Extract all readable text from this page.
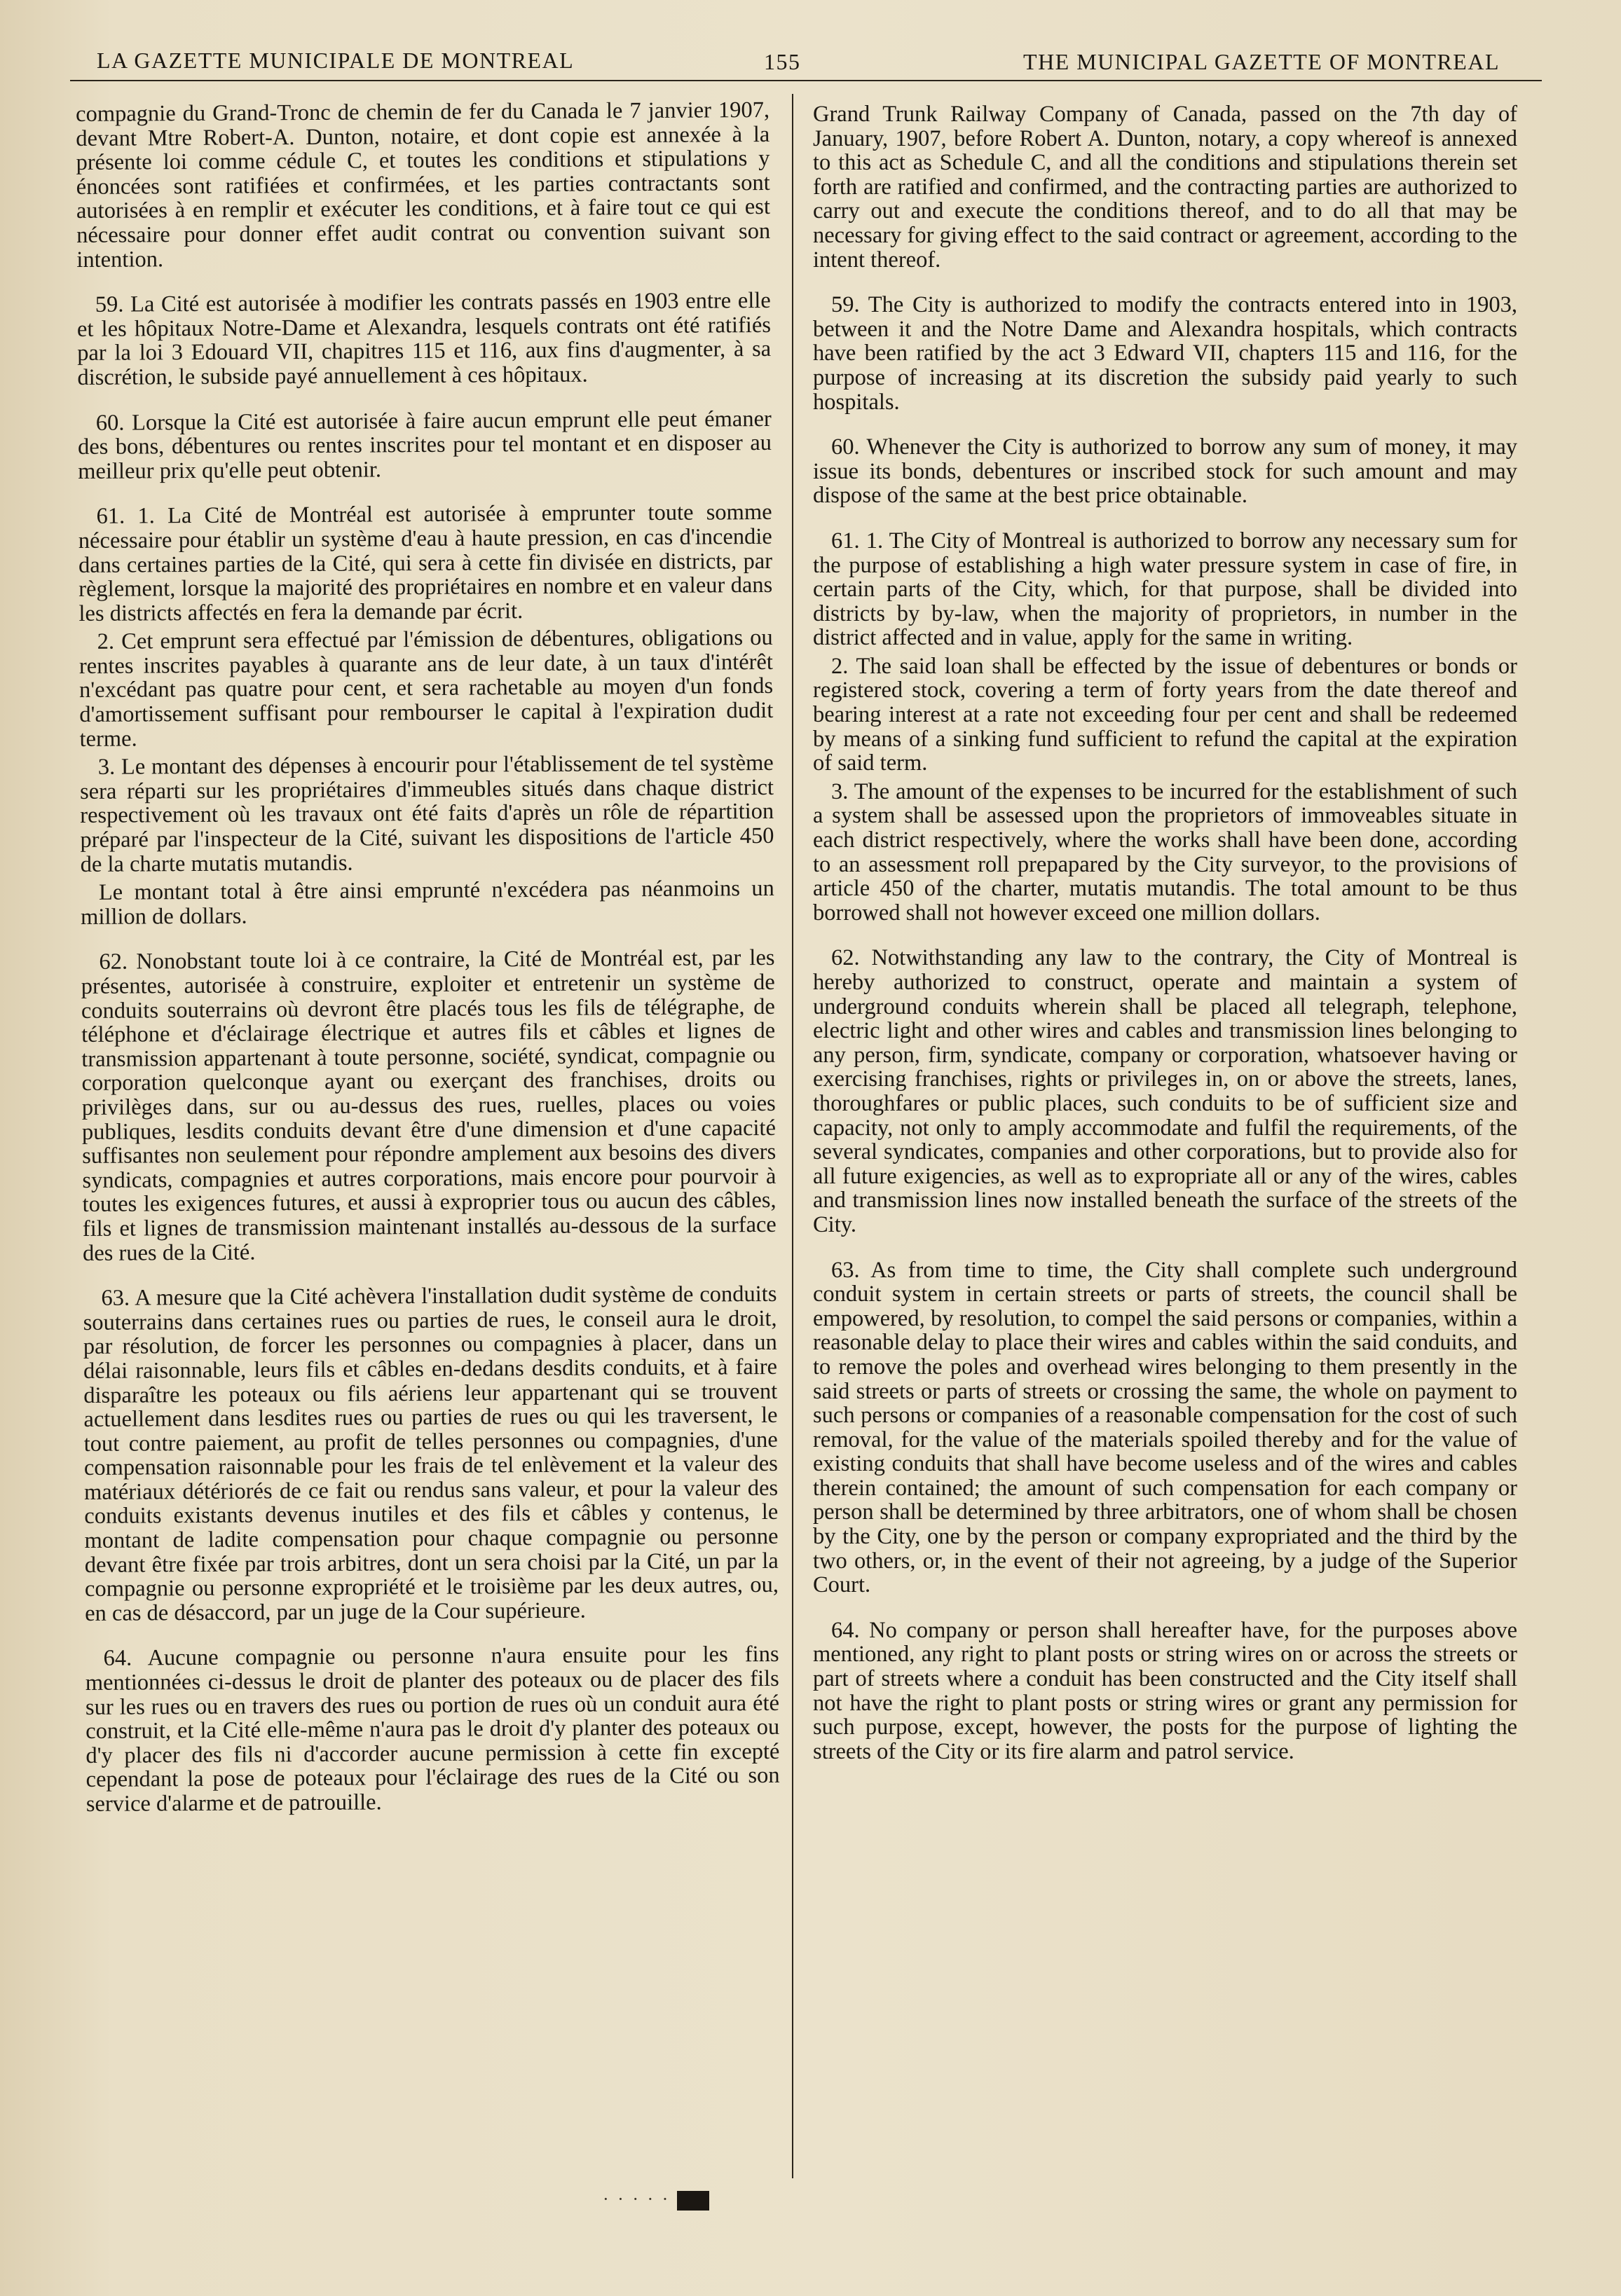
LA GAZETTE MUNICIPALE DE MONTREAL	155	THE MUNICIPAL GAZETTE OF MONTREAL

compagnie du Grand-Tronc de chemin de fer du Canada le 7 janvier 1907, devant Mtre Robert-A. Dunton, notaire, et dont copie est annexée à la présente loi comme cédule C, et toutes les conditions et stipulations y énoncées sont ratifiées et confirmées, et les parties contractants sont autorisées à en remplir et exécuter les conditions, et à faire tout ce qui est nécessaire pour donner effet audit contrat ou convention suivant son intention.

59. La Cité est autorisée à modifier les contrats passés en 1903 entre elle et les hôpitaux Notre-Dame et Alexandra, lesquels contrats ont été ratifiés par la loi 3 Edouard VII, chapitres 115 et 116, aux fins d'augmenter, à sa discrétion, le subside payé annuellement à ces hôpitaux.

60. Lorsque la Cité est autorisée à faire aucun emprunt elle peut émaner des bons, débentures ou rentes inscrites pour tel montant et en disposer au meilleur prix qu'elle peut obtenir.

61. 1. La Cité de Montréal est autorisée à emprunter toute somme nécessaire pour établir un système d'eau à haute pression, en cas d'incendie dans certaines parties de la Cité, qui sera à cette fin divisée en districts, par règlement, lorsque la majorité des propriétaires en nombre et en valeur dans les districts affectés en fera la demande par écrit.

2. Cet emprunt sera effectué par l'émission de débentures, obligations ou rentes inscrites payables à quarante ans de leur date, à un taux d'intérêt n'excédant pas quatre pour cent, et sera rachetable au moyen d'un fonds d'amortissement suffisant pour rembourser le capital à l'expiration dudit terme.

3. Le montant des dépenses à encourir pour l'établissement de tel système sera réparti sur les propriétaires d'immeubles situés dans chaque district respectivement où les travaux ont été faits d'après un rôle de répartition préparé par l'inspecteur de la Cité, suivant les dispositions de l'article 450 de la charte mutatis mutandis.

Le montant total à être ainsi emprunté n'excédera pas néanmoins un million de dollars.

62. Nonobstant toute loi à ce contraire, la Cité de Montréal est, par les présentes, autorisée à construire, exploiter et entretenir un système de conduits souterrains où devront être placés tous les fils de télégraphe, de téléphone et d'éclairage électrique et autres fils et câbles et lignes de transmission appartenant à toute personne, société, syndicat, compagnie ou corporation quelconque ayant ou exerçant des franchises, droits ou privilèges dans, sur ou au-dessus des rues, ruelles, places ou voies publiques, lesdits conduits devant être d'une dimension et d'une capacité suffisantes non seulement pour répondre amplement aux besoins des divers syndicats, compagnies et autres corporations, mais encore pour pourvoir à toutes les exigences futures, et aussi à exproprier tous ou aucun des câbles, fils et lignes de transmission maintenant installés au-dessous de la surface des rues de la Cité.

63. A mesure que la Cité achèvera l'installation dudit système de conduits souterrains dans certaines rues ou parties de rues, le conseil aura le droit, par résolution, de forcer les personnes ou compagnies à placer, dans un délai raisonnable, leurs fils et câbles en-dedans desdits conduits, et à faire disparaître les poteaux ou fils aériens leur appartenant qui se trouvent actuellement dans lesdites rues ou parties de rues ou qui les traversent, le tout contre paiement, au profit de telles personnes ou compagnies, d'une compensation raisonnable pour les frais de tel enlèvement et la valeur des matériaux détériorés de ce fait ou rendus sans valeur, et pour la valeur des conduits existants devenus inutiles et des fils et câbles y contenus, le montant de ladite compensation pour chaque compagnie ou personne devant être fixée par trois arbitres, dont un sera choisi par la Cité, un par la compagnie ou personne expropriété et le troisième par les deux autres, ou, en cas de désaccord, par un juge de la Cour supérieure.

64. Aucune compagnie ou personne n'aura ensuite pour les fins mentionnées ci-dessus le droit de planter des poteaux ou de placer des fils sur les rues ou en travers des rues ou portion de rues où un conduit aura été construit, et la Cité elle-même n'aura pas le droit d'y planter des poteaux ou d'y placer des fils ni d'accorder aucune permission à cette fin excepté cependant la pose de poteaux pour l'éclairage des rues de la Cité ou son service d'alarme et de patrouille.

Grand Trunk Railway Company of Canada, passed on the 7th day of January, 1907, before Robert A. Dunton, notary, a copy whereof is annexed to this act as Schedule C, and all the conditions and stipulations therein set forth are ratified and confirmed, and the contracting parties are authorized to carry out and execute the conditions thereof, and to do all that may be necessary for giving effect to the said contract or agreement, according to the intent thereof.

59. The City is authorized to modify the contracts entered into in 1903, between it and the Notre Dame and Alexandra hospitals, which contracts have been ratified by the act 3 Edward VII, chapters 115 and 116, for the purpose of increasing at its discretion the subsidy paid yearly to such hospitals.

60. Whenever the City is authorized to borrow any sum of money, it may issue its bonds, debentures or inscribed stock for such amount and may dispose of the same at the best price obtainable.

61. 1. The City of Montreal is authorized to borrow any necessary sum for the purpose of establishing a high water pressure system in case of fire, in certain parts of the City, which, for that purpose, shall be divided into districts by by-law, when the majority of proprietors, in number in the district affected and in value, apply for the same in writing.

2. The said loan shall be effected by the issue of debentures or bonds or registered stock, covering a term of forty years from the date thereof and bearing interest at a rate not exceeding four per cent and shall be redeemed by means of a sinking fund sufficient to refund the capital at the expiration of said term.

3. The amount of the expenses to be incurred for the establishment of such a system shall be assessed upon the proprietors of immoveables situate in each district respectively, where the works shall have been done, according to an assessment roll prepapared by the City surveyor, to the provisions of article 450 of the charter, mutatis mutandis. The total amount to be thus borrowed shall not however exceed one million dollars.

62. Notwithstanding any law to the contrary, the City of Montreal is hereby authorized to construct, operate and maintain a system of underground conduits wherein shall be placed all telegraph, telephone, electric light and other wires and cables and transmission lines belonging to any person, firm, syndicate, company or corporation, whatsoever having or exercising franchises, rights or privileges in, on or above the streets, lanes, thoroughfares or public places, such conduits to be of sufficient size and capacity, not only to amply accommodate and fulfil the requirements, of the several syndicates, companies and other corporations, but to provide also for all future exigencies, as well as to expropriate all or any of the wires, cables and transmission lines now installed beneath the surface of the streets of the City.

63. As from time to time, the City shall complete such underground conduit system in certain streets or parts of streets, the council shall be empowered, by resolution, to compel the said persons or companies, within a reasonable delay to place their wires and cables within the said conduits, and to remove the poles and overhead wires belonging to them presently in the said streets or parts of streets or crossing the same, the whole on payment to such persons or companies of a reasonable compensation for the cost of such removal, for the value of the materials spoiled thereby and for the value of existing conduits that shall have become useless and of the wires and cables therein contained; the amount of such compensation for each company or person shall be determined by three arbitrators, one of whom shall be chosen by the City, one by the person or company expropriated and the third by the two others, or, in the event of their not agreeing, by a judge of the Superior Court.

64. No company or person shall hereafter have, for the purposes above mentioned, any right to plant posts or string wires on or across the streets or part of streets where a conduit has been constructed and the City itself shall not have the right to plant posts or string wires or grant any permission for such purpose, except, however, the posts for the purpose of lighting the streets of the City or its fire alarm and patrol service.

· · · · ·
